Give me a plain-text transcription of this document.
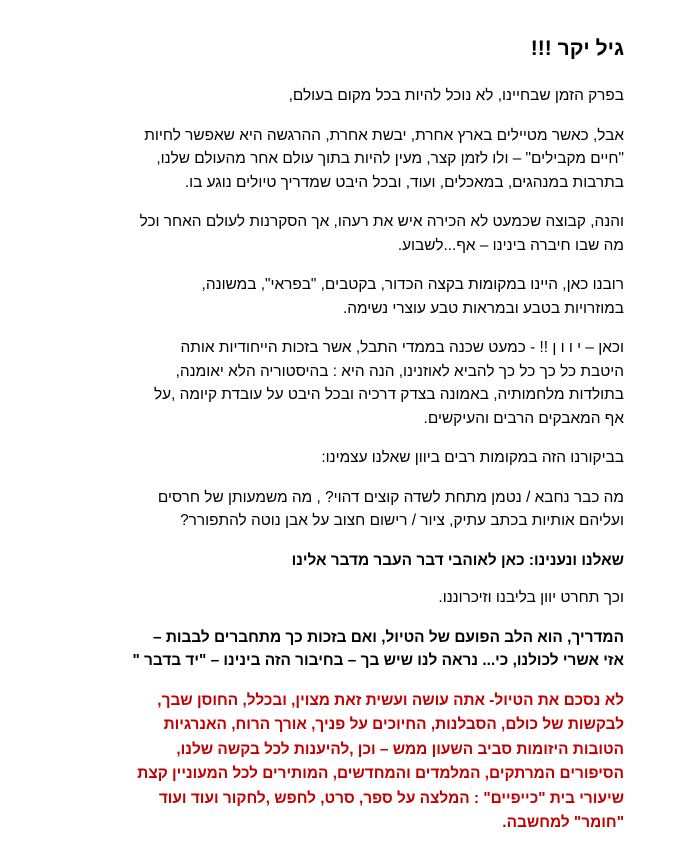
גיל יקר !!!
בפרק הזמן שבחיינו, לא נוכל להיות בכל מקום בעולם,
אבל, כאשר מטיילים בארץ אחרת, יבשת אחרת, ההרגשה היא שאפשר לחיות
"חיים מקבילים" – ולו לזמן קצר, מעין להיות בתוך עולם אחר מהעולם שלנו,
בתרבות במנהגים, במאכלים, ועוד, ובכל היבט שמדריך טיולים נוגע בו.
והנה, קבוצה שכמעט לא הכירה איש את רעהו, אך הסקרנות לעולם האחר וכל
מה שבו חיברה בינינו – אף...לשבוע.
רובנו כאן, היינו במקומות בקצה הכדור, בקטבים, "בפראי", במשונה,
במוזרויות בטבע ובמראות טבע עוצרי נשימה.
וכאן – י ו ו ן !! - כמעט שכנה בממדי התבל, אשר בזכות הייחודיות אותה
היטבת כל כך כל כך להביא לאוזנינו, הנה היא : בהיסטוריה הלא יאומנה,
בתולדות מלחמותיה, באמונה בצדק דרכיה ובכל היבט על עובדת קיומה ,על
אף המאבקים הרבים והעיקשים.
בביקורנו הזה במקומות רבים ביוון שאלנו עצמינו:
מה כבר נחבא / נטמן מתחת לשדה קוצים דהוי? , מה משמעותן של חרסים
ועליהם אותיות בכתב עתיק, ציור / רישום חצוב על אבן נוטה להתפורר?
שאלנו ונענינו: כאן לאוהבי דבר העבר מדבר אלינו
וכך תחרט יוון בליבנו וזיכרוננו.
המדריך, הוא הלב הפועם של הטיול, ואם בזכות כך מתחברים לבבות –
אזי אשרי לכולנו, כי... נראה לנו שיש בך – בחיבור הזה בינינו – "יד בדבר "
לא נסכם את הטיול- אתה עושה ועשית זאת מצוין, ובכלל, החוסן שבך,
לבקשות של כולם, הסבלנות, החיוכים על פניך, אורך הרוח, האנרגיות
הטובות היזומות סביב השעון ממש – וכן ,להיענות לכל בקשה שלנו,
הסיפורים המרתקים, המלמדים והמחדשים, המותירים לכל המעוניין קצת
שיעורי בית "כייפיים" : המלצה על ספר, סרט, לחפש ,לחקור ועוד ועוד
"חומר" למחשבה.
